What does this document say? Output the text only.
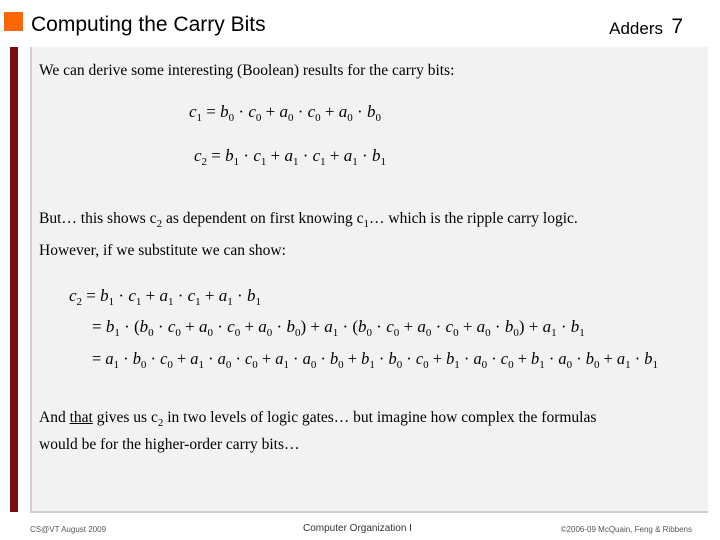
Computing the Carry Bits	Adders 7
We can derive some interesting (Boolean) results for the carry bits:
$c_1 = b_0 \cdot c_0 + a_0 \cdot c_0 + a_0 \cdot b_0$
$c_2 = b_1 \cdot c_1 + a_1 \cdot c_1 + a_1 \cdot b_1$
But… this shows $c_2$ as dependent on first knowing $c_1\dots$ which is the ripple carry logic.
However, if we substitute we can show:
$c_2 = b_1 \cdot c_1 + a_1 \cdot c_1 + a_1 \cdot b_1$
= $b_1 \cdot (b_0 \cdot c_0 + a_0 \cdot c_0 + a_0 \cdot b_0) + a_1 \cdot (b_0 \cdot c_0 + a_0 \cdot c_0 + a_0 \cdot b_0) + a_1 \cdot b_1$
= $a_1 \cdot b_0 \cdot c_0 + a_1 \cdot a_0 \cdot c_0 + a_1 \cdot a_0 \cdot b_0 + b_1 \cdot b_0 \cdot c_0 + b_1 \cdot a_0 \cdot c_0 + b_1 \cdot a_0 \cdot b_0 + a_1 \cdot b_1$
And that gives us $c_2$ in two levels of logic gates… but imagine how complex the formulas
would be for the higher-order carry bits…
CS@VT August 2009	Computer Organization I	©2006-09 McQuain, Feng & Ribbens
